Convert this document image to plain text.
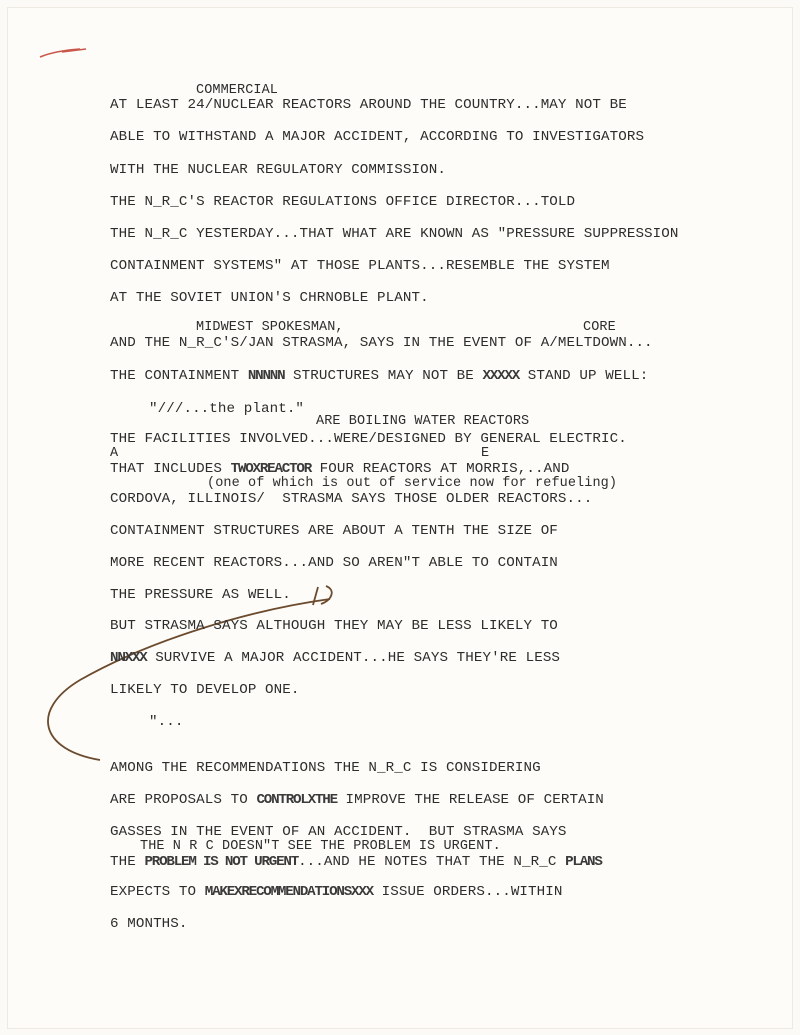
COMMERCIAL
AT LEAST 24/NUCLEAR REACTORS AROUND THE COUNTRY...MAY NOT BE
ABLE TO WITHSTAND A MAJOR ACCIDENT, ACCORDING TO INVESTIGATORS
WITH THE NUCLEAR REGULATORY COMMISSION.
THE N_R_C'S REACTOR REGULATIONS OFFICE DIRECTOR...TOLD
THE N_R_C YESTERDAY...THAT WHAT ARE KNOWN AS "PRESSURE SUPPRESSION
CONTAINMENT SYSTEMS" AT THOSE PLANTS...RESEMBLE THE SYSTEM
AT THE SOVIET UNION'S CHRNOBLE PLANT.
MIDWEST SPOKESMAN,	CORE
AND THE N_R_C'S/JAN STRASMA, SAYS IN THE EVENT OF A/MELTDOWN...
THE CONTAINMENT NNNNN STRUCTURES MAY NOT BE XXXXX STAND UP WELL:
"///...the plant."
ARE BOILING WATER REACTORS
THE FACILITIES INVOLVED...WERE/DESIGNED BY GENERAL ELECTRIC.
A	E
THAT INCLUDES TWOXREACTOR FOUR REACTORS AT MORRIS,..AND
(one of which is out of service now for refueling)
CORDOVA, ILLINOIS/  STRASMA SAYS THOSE OLDER REACTORS...
CONTAINMENT STRUCTURES ARE ABOUT A TENTH THE SIZE OF
MORE RECENT REACTORS...AND SO AREN"T ABLE TO CONTAIN
THE PRESSURE AS WELL.
BUT STRASMA SAYS ALTHOUGH THEY MAY BE LESS LIKELY TO
NNXXX SURVIVE A MAJOR ACCIDENT...HE SAYS THEY'RE LESS
LIKELY TO DEVELOP ONE.
"...
AMONG THE RECOMMENDATIONS THE N_R_C IS CONSIDERING
ARE PROPOSALS TO CONTROLXTHE IMPROVE THE RELEASE OF CERTAIN
GASSES IN THE EVENT OF AN ACCIDENT.  BUT STRASMA SAYS
THE N R C DOESN"T SEE THE PROBLEM IS URGENT.
THE PROBLEM IS NOT URGENT...AND HE NOTES THAT THE N_R_C PLANS
EXPECTS TO MAKEXRECOMMENDATIONSXXX ISSUE ORDERS...WITHIN
6 MONTHS.
